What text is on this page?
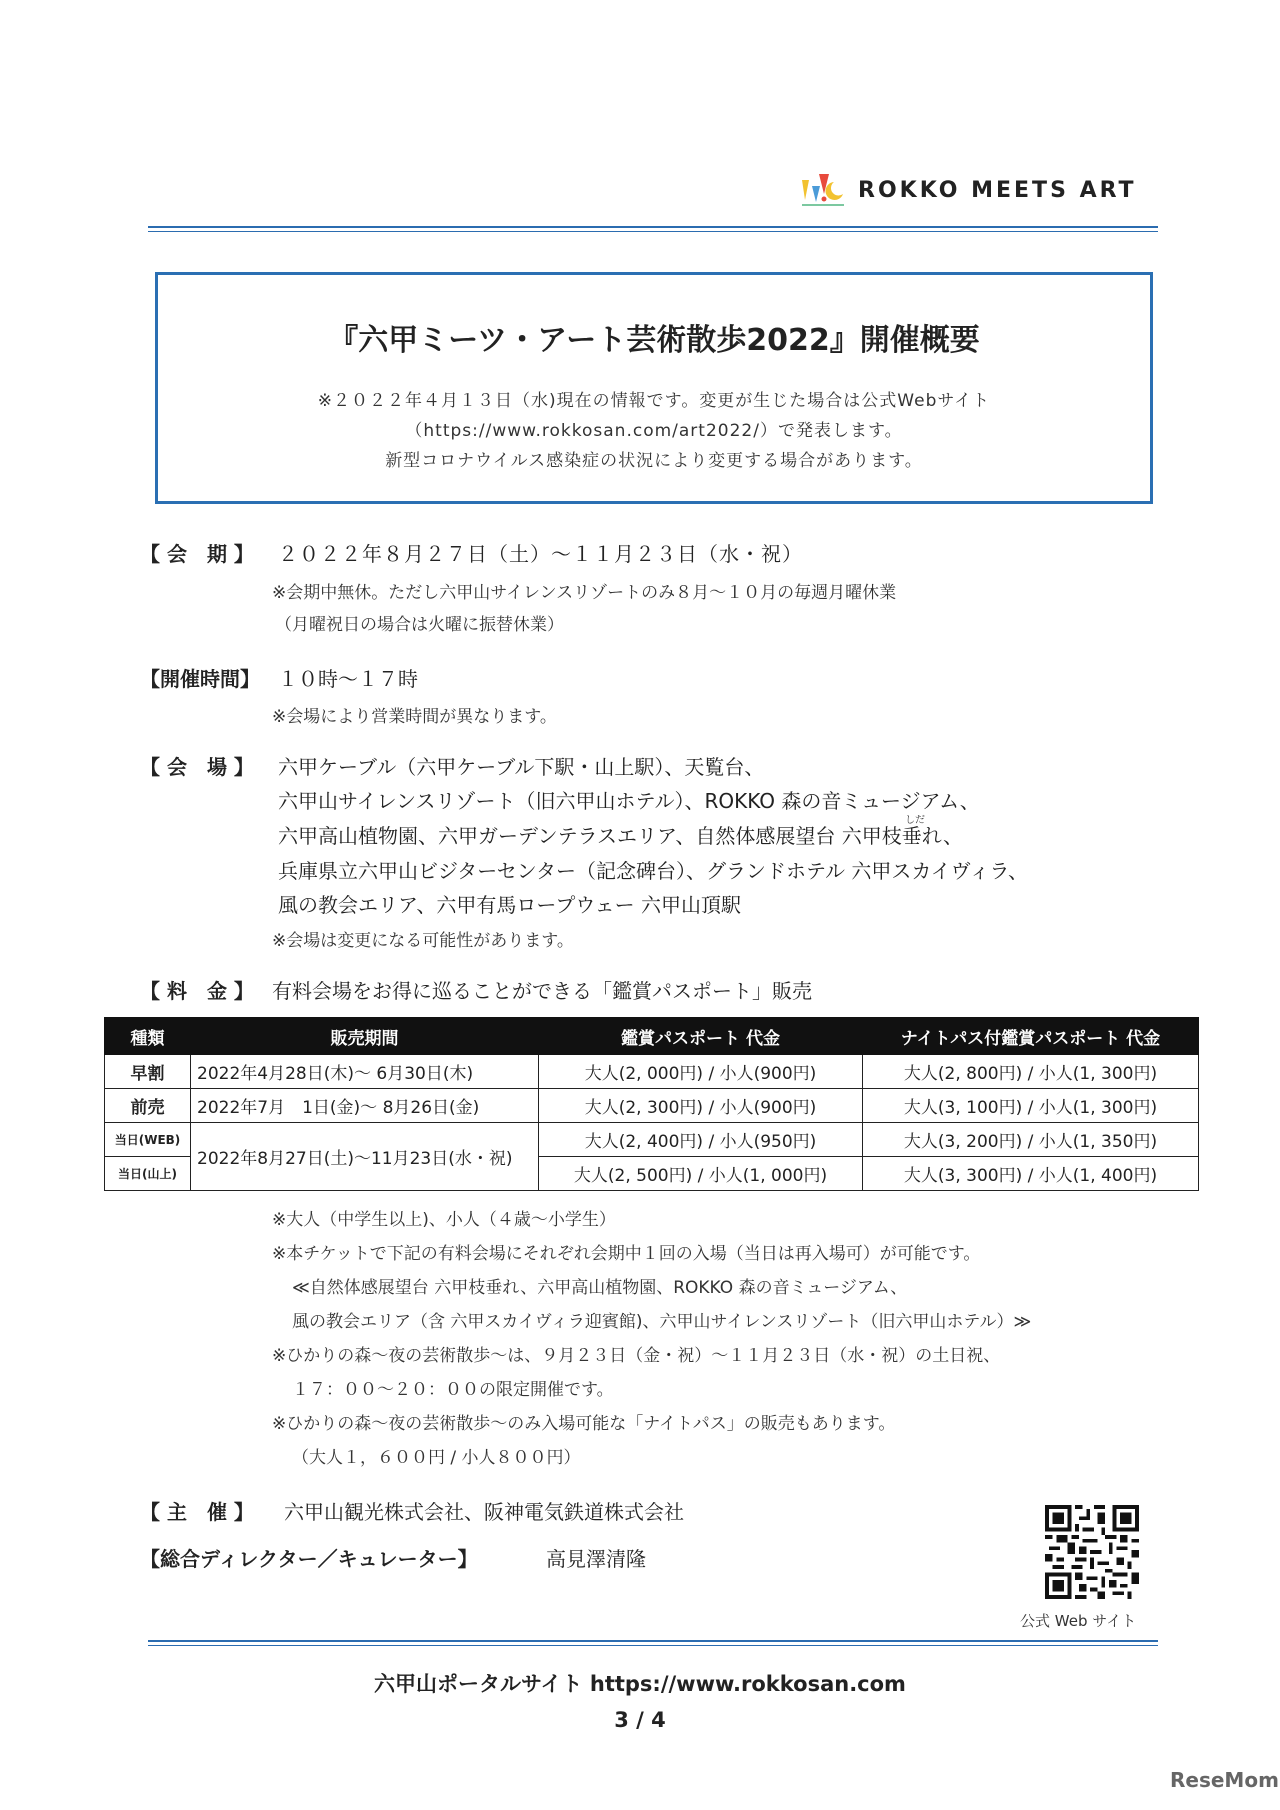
ROKKO MEETS ART
『六甲ミーツ・アート芸術散歩2022』開催概要
※２０２２年４月１３日（水)現在の情報です。変更が生じた場合は公式Webサイト
（https://www.rokkosan.com/art2022/）で発表します。
新型コロナウイルス感染症の状況により変更する場合があります。
【 会　期 】 ２０２２年８月２７日（土）～１１月２３日（水・祝）
※会期中無休。ただし六甲山サイレンスリゾートのみ８月～１０月の毎週月曜休業
（月曜祝日の場合は火曜に振替休業）
【開催時間】 １０時～１７時
※会場により営業時間が異なります。
【 会　場 】 六甲ケーブル（六甲ケーブル下駅・山上駅）、天覧台、
六甲山サイレンスリゾート（旧六甲山ホテル）、ROKKO 森の音ミュージアム、
しだ
六甲高山植物園、六甲ガーデンテラスエリア、自然体感展望台 六甲枝垂れ、
兵庫県立六甲山ビジターセンター（記念碑台）、グランドホテル 六甲スカイヴィラ、
風の教会エリア、六甲有馬ロープウェー 六甲山頂駅
※会場は変更になる可能性があります。
【 料　金 】 有料会場をお得に巡ることができる「鑑賞パスポート」販売
種類	販売期間	鑑賞パスポート 代金	ナイトパス付鑑賞パスポート 代金
早割	2022年4月28日(木)～ 6月30日(木)	大人(2, 000円) / 小人(900円)	大人(2, 800円) / 小人(1, 300円)
前売	2022年7月　1日(金)～ 8月26日(金)	大人(2, 300円) / 小人(900円)	大人(3, 100円) / 小人(1, 300円)
当日(WEB)	2022年8月27日(土)～11月23日(水・祝)	大人(2, 400円) / 小人(950円)	大人(3, 200円) / 小人(1, 350円)
当日(山上)		大人(2, 500円) / 小人(1, 000円)	大人(3, 300円) / 小人(1, 400円)
※大人（中学生以上)、小人（４歳～小学生）
※本チケットで下記の有料会場にそれぞれ会期中１回の入場（当日は再入場可）が可能です。
≪自然体感展望台 六甲枝垂れ、六甲高山植物園、ROKKO 森の音ミュージアム、
風の教会エリア（含 六甲スカイヴィラ迎賓館)、六甲山サイレンスリゾート（旧六甲山ホテル）≫
※ひかりの森～夜の芸術散歩～は、９月２３日（金・祝）～１１月２３日（水・祝）の土日祝、
１７：００～２０：００の限定開催です。
※ひかりの森～夜の芸術散歩～のみ入場可能な「ナイトパス」の販売もあります。
（大人１，６００円 / 小人８００円）
【 主　催 】 六甲山観光株式会社、阪神電気鉄道株式会社
【総合ディレクター／キュレーター】	高見澤清隆
公式 Web サイト
六甲山ポータルサイト https://www.rokkosan.com
3 / 4
ReseMom
